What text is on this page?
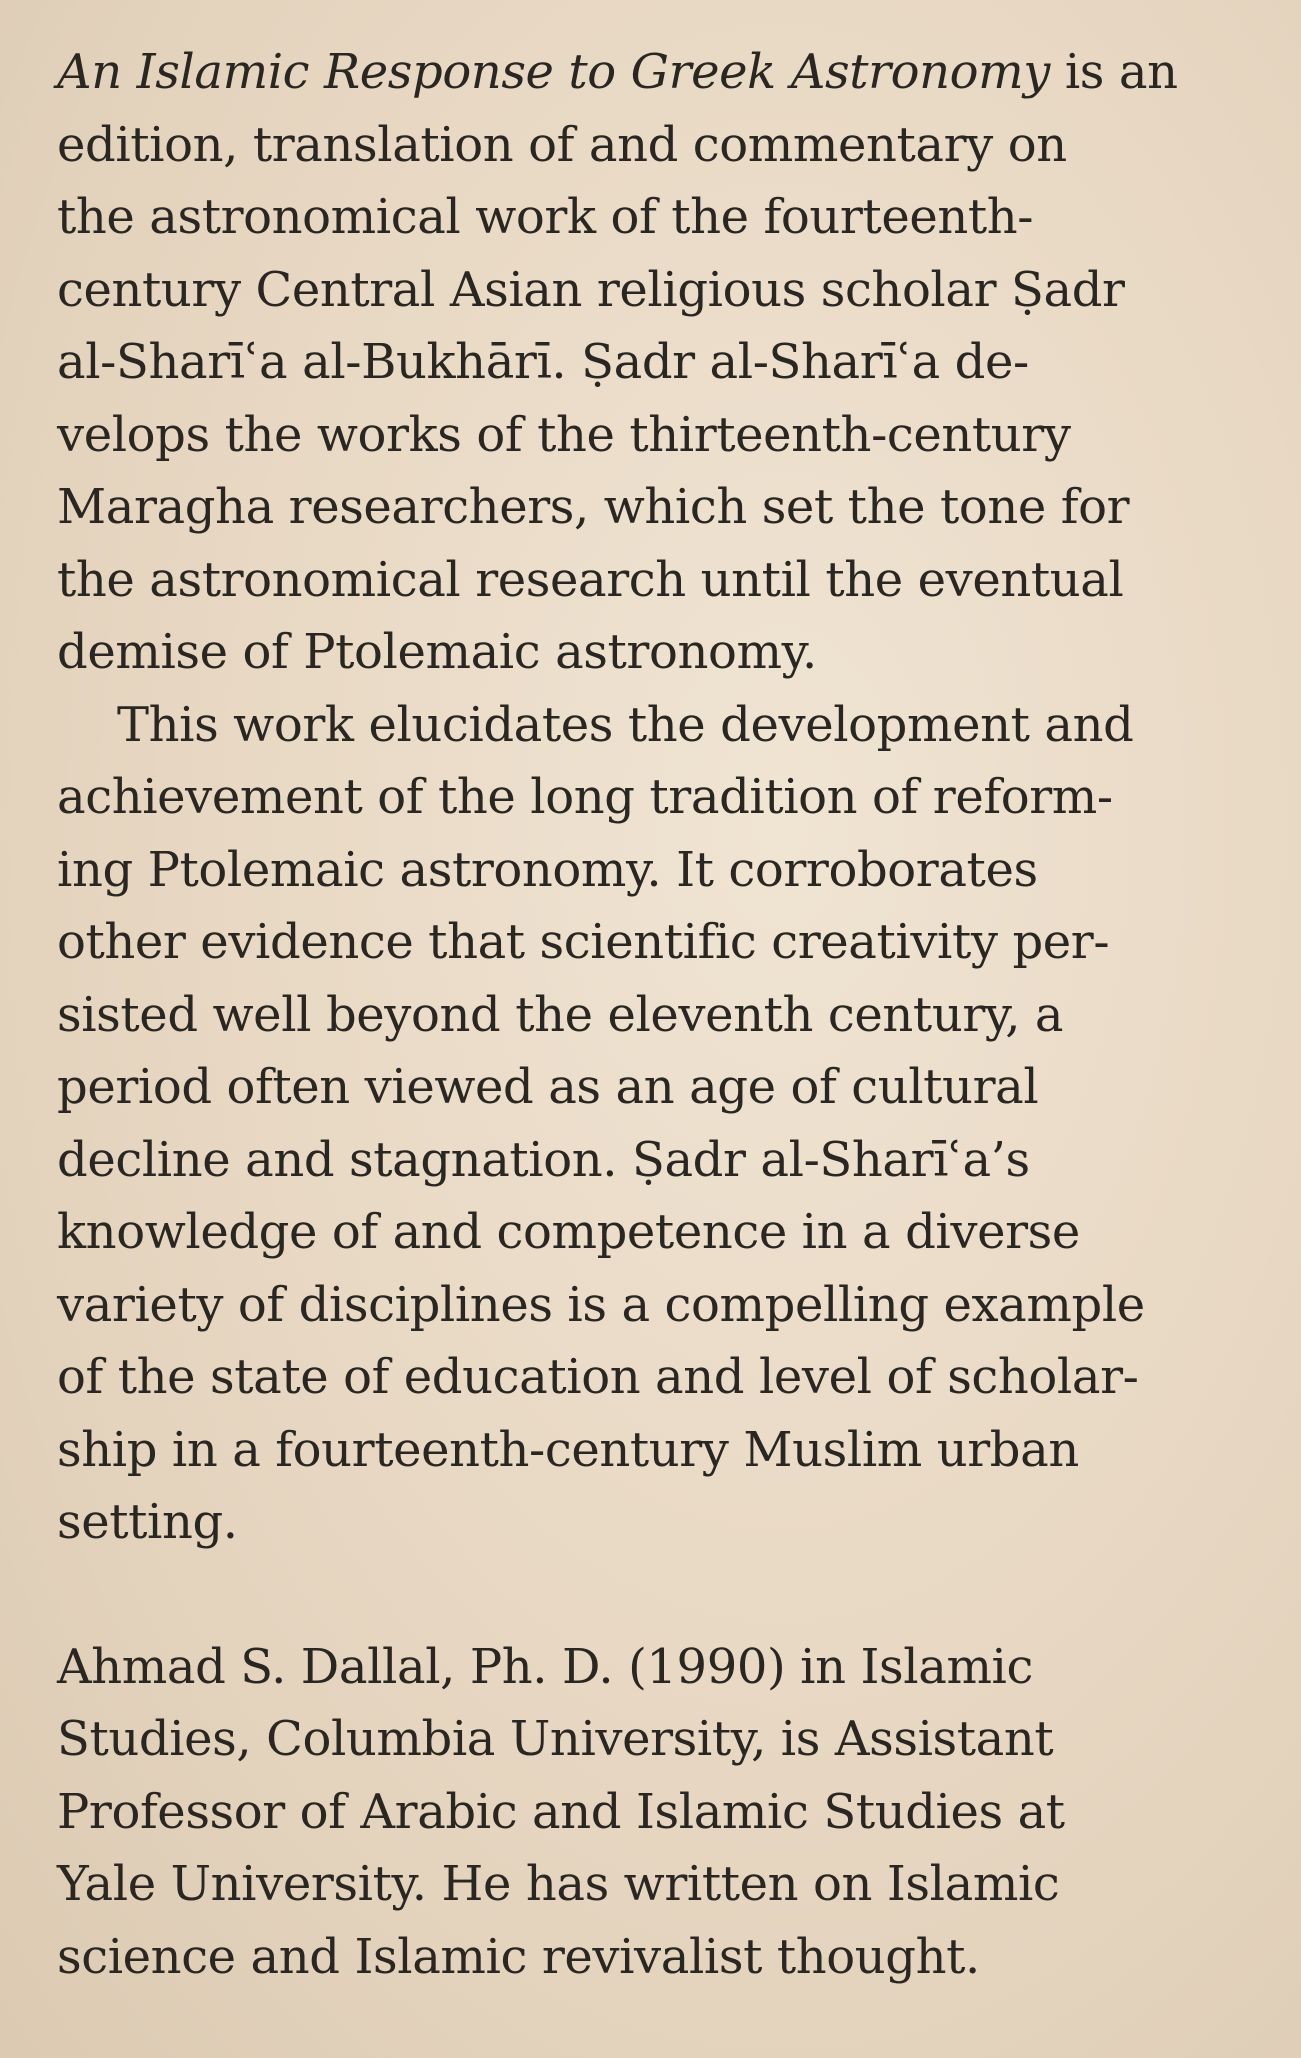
An Islamic Response to Greek Astronomy is an
edition, translation of and commentary on
the astronomical work of the fourteenth-
century Central Asian religious scholar Ṣadr
al-Sharīʿa al-Bukhārī. Ṣadr al-Sharīʿa de-
velops the works of the thirteenth-century
Maragha researchers, which set the tone for
the astronomical research until the eventual
demise of Ptolemaic astronomy.
This work elucidates the development and
achievement of the long tradition of reform-
ing Ptolemaic astronomy. It corroborates
other evidence that scientific creativity per-
sisted well beyond the eleventh century, a
period often viewed as an age of cultural
decline and stagnation. Ṣadr al-Sharīʿa’s
knowledge of and competence in a diverse
variety of disciplines is a compelling example
of the state of education and level of scholar-
ship in a fourteenth-century Muslim urban
setting.
Ahmad S. Dallal, Ph. D. (1990) in Islamic
Studies, Columbia University, is Assistant
Professor of Arabic and Islamic Studies at
Yale University. He has written on Islamic
science and Islamic revivalist thought.
